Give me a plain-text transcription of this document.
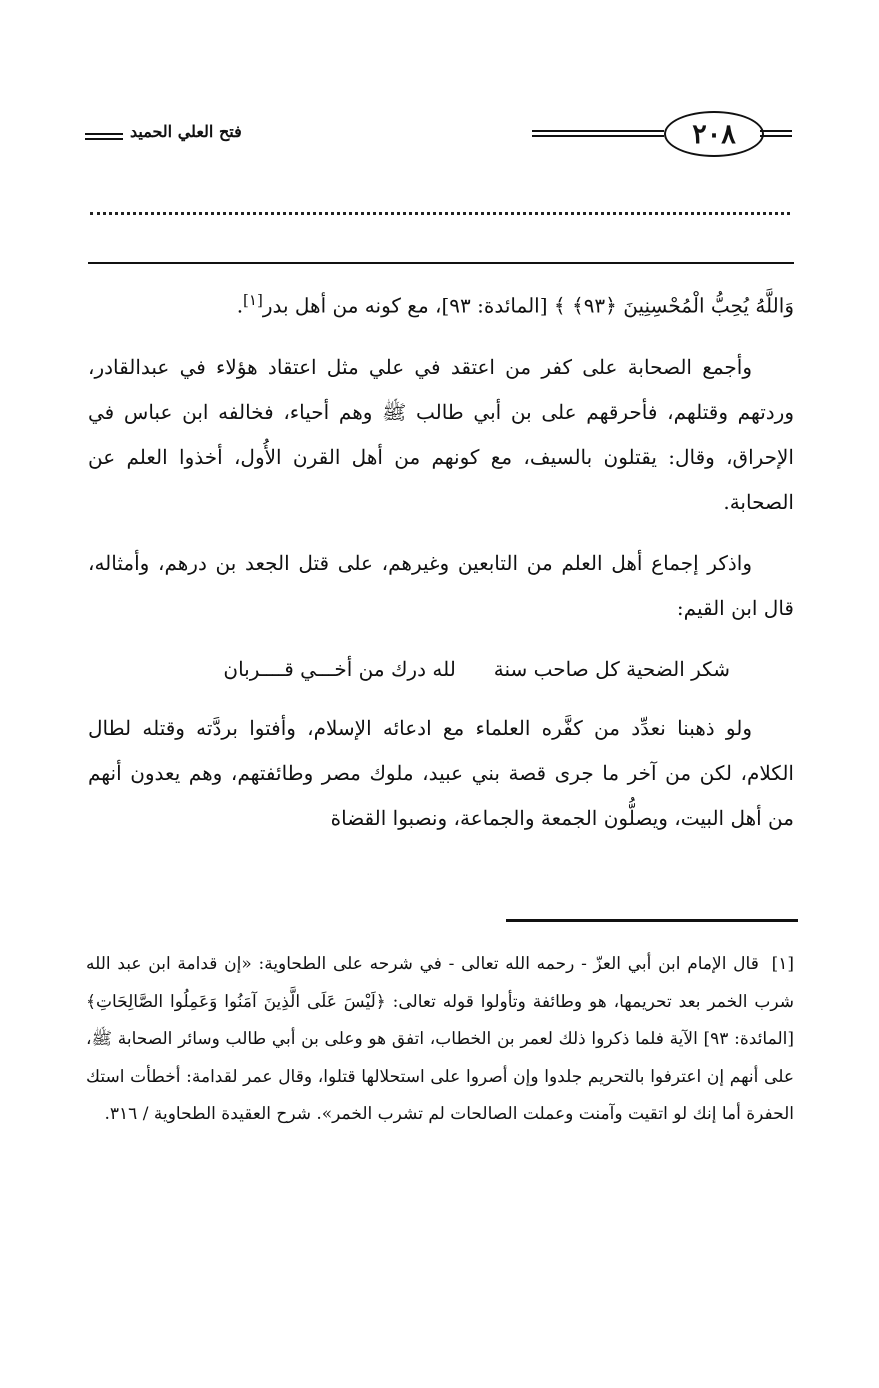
٢٠٨
فتح العلي الحميد

وَاللَّهُ يُحِبُّ الْمُحْسِنِينَ ﴿٩٣﴾ ﴾ [المائدة: ٩٣]، مع كونه من أهل بدر[١].

وأجمع الصحابة على كفر من اعتقد في علي مثل اعتقاد هؤلاء في عبدالقادر، وردتهم وقتلهم، فأحرقهم على بن أبي طالب ﷺ وهم أحياء، فخالفه ابن عباس في الإحراق، وقال: يقتلون بالسيف، مع كونهم من أهل القرن الأُول، أخذوا العلم عن الصحابة.

واذكر إجماع أهل العلم من التابعين وغيرهم، على قتل الجعد بن درهم، وأمثاله، قال ابن القيم:

شكر الضحية كل صاحب سنة
لله درك من أخـــي قــــربان

ولو ذهبنا نعدِّد من كفَّره العلماء مع ادعائه الإسلام، وأفتوا بردَّته وقتله لطال الكلام، لكن من آخر ما جرى قصة بني عبيد، ملوك مصر وطائفتهم، وهم يعدون أنهم من أهل البيت، ويصلُّون الجمعة والجماعة، ونصبوا القضاة

[١] قال الإمام ابن أبي العزّ - رحمه الله تعالى - في شرحه على الطحاوية: «إن قدامة ابن عبد الله شرب الخمر بعد تحريمها، هو وطائفة وتأولوا قوله تعالى: ﴿لَيْسَ عَلَى الَّذِينَ آمَنُوا وَعَمِلُوا الصَّالِحَاتِ﴾ [المائدة: ٩٣] الآية فلما ذكروا ذلك لعمر بن الخطاب، اتفق هو وعلى بن أبي طالب وسائر الصحابة ﷺ، على أنهم إن اعترفوا بالتحريم جلدوا وإن أصروا على استحلالها قتلوا، وقال عمر لقدامة: أخطأت استك الحفرة أما إنك لو اتقيت وآمنت وعملت الصالحات لم تشرب الخمر». شرح العقيدة الطحاوية / ٣١٦.
